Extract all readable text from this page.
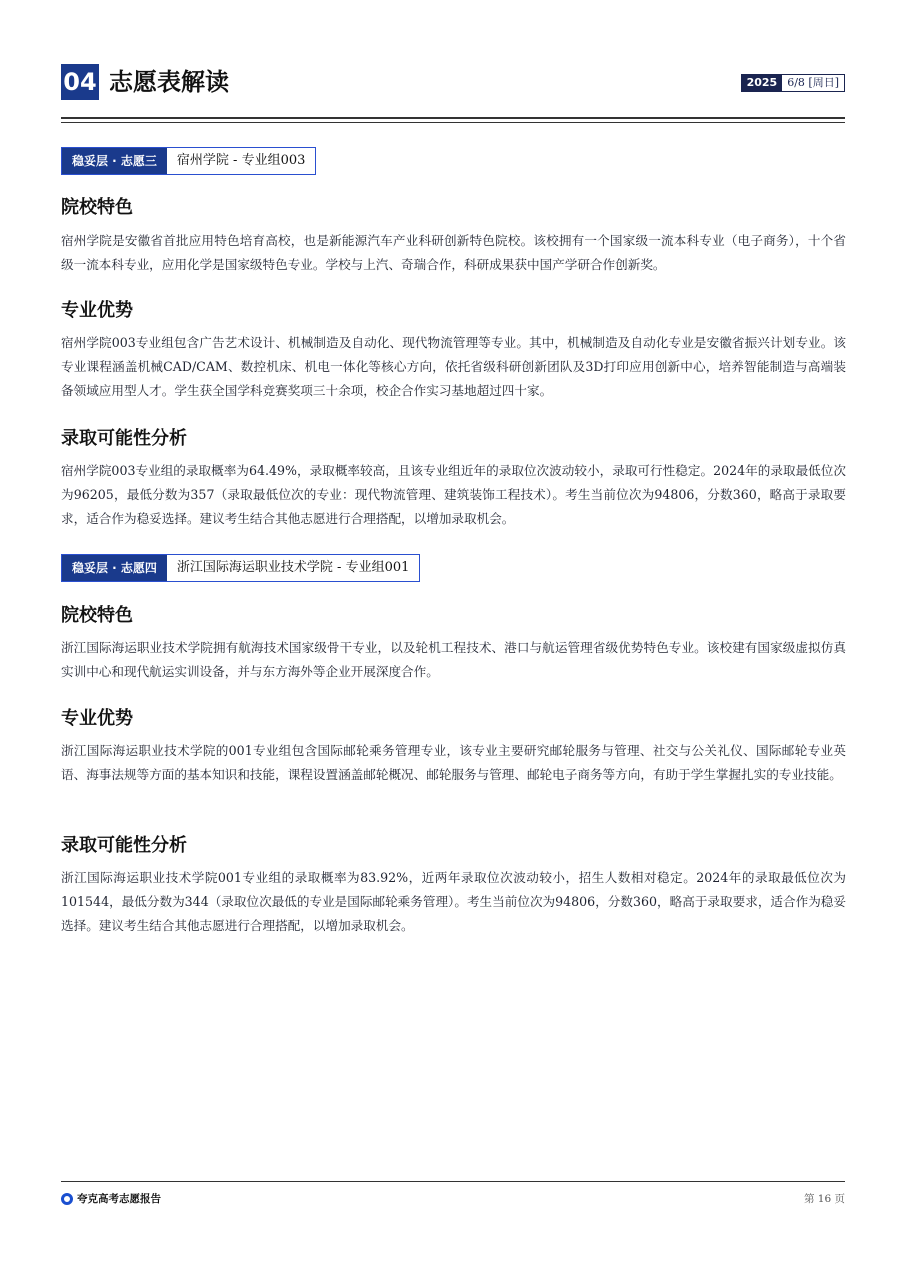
04 志愿表解读	2025 6/8 [周日]
稳妥层 · 志愿三	宿州学院 - 专业组003
院校特色
宿州学院是安徽省首批应用特色培育高校，也是新能源汽车产业科研创新特色院校。该校拥有一个国家级一流本科专业（电子商务），十个省级一流本科专业，应用化学是国家级特色专业。学校与上汽、奇瑞合作，科研成果获中国产学研合作创新奖。
专业优势
宿州学院003专业组包含广告艺术设计、机械制造及自动化、现代物流管理等专业。其中，机械制造及自动化专业是安徽省振兴计划专业。该专业课程涵盖机械CAD/CAM、数控机床、机电一体化等核心方向，依托省级科研创新团队及3D打印应用创新中心，培养智能制造与高端装备领域应用型人才。学生获全国学科竞赛奖项三十余项，校企合作实习基地超过四十家。
录取可能性分析
宿州学院003专业组的录取概率为64.49%，录取概率较高，且该专业组近年的录取位次波动较小，录取可行性稳定。2024年的录取最低位次为96205，最低分数为357（录取最低位次的专业：现代物流管理、建筑装饰工程技术）。考生当前位次为94806，分数360，略高于录取要求，适合作为稳妥选择。建议考生结合其他志愿进行合理搭配，以增加录取机会。
稳妥层 · 志愿四	浙江国际海运职业技术学院 - 专业组001
院校特色
浙江国际海运职业技术学院拥有航海技术国家级骨干专业，以及轮机工程技术、港口与航运管理省级优势特色专业。该校建有国家级虚拟仿真实训中心和现代航运实训设备，并与东方海外等企业开展深度合作。
专业优势
浙江国际海运职业技术学院的001专业组包含国际邮轮乘务管理专业，该专业主要研究邮轮服务与管理、社交与公关礼仪、国际邮轮专业英语、海事法规等方面的基本知识和技能，课程设置涵盖邮轮概况、邮轮服务与管理、邮轮电子商务等方向，有助于学生掌握扎实的专业技能。
录取可能性分析
浙江国际海运职业技术学院001专业组的录取概率为83.92%，近两年录取位次波动较小，招生人数相对稳定。2024年的录取最低位次为101544，最低分数为344（录取位次最低的专业是国际邮轮乘务管理）。考生当前位次为94806，分数360，略高于录取要求，适合作为稳妥选择。建议考生结合其他志愿进行合理搭配，以增加录取机会。
夸克高考志愿报告	第 16 页
